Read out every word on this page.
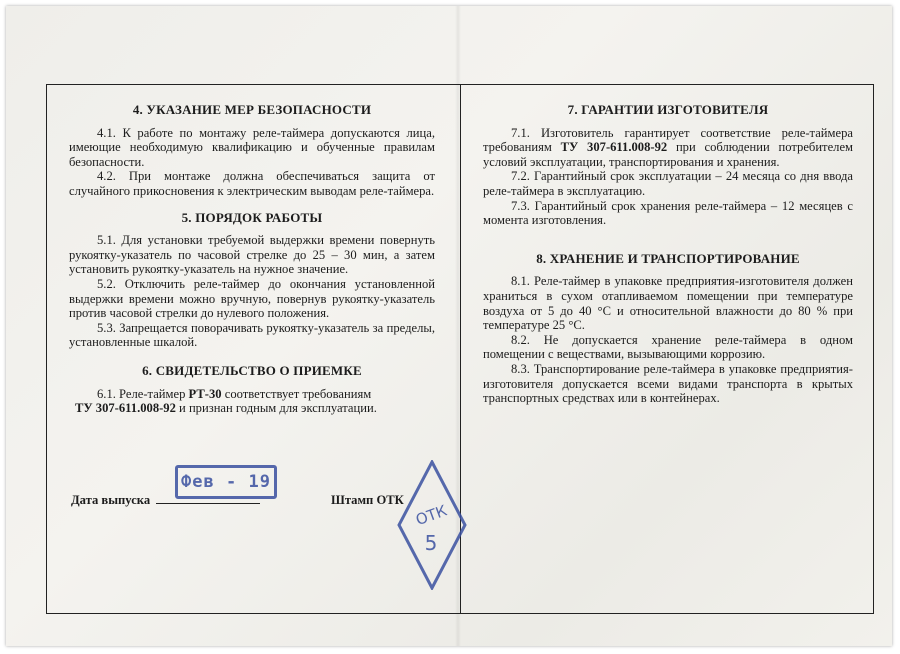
4. УКАЗАНИЕ МЕР БЕЗОПАСНОСТИ

4.1. К работе по монтажу реле-таймера допускаются лица, имеющие необходимую квалификацию и обученные правилам безопасности.

4.2. При монтаже должна обеспечиваться защита от случайного прикосновения к электрическим выводам реле-таймера.

5. ПОРЯДОК РАБОТЫ

5.1. Для установки требуемой выдержки времени повернуть рукоятку-указатель по часовой стрелке до 25 – 30 мин, а затем установить рукоятку-указатель на нужное значение.

5.2. Отключить реле-таймер до окончания установленной выдержки времени можно вручную, повернув рукоятку-указатель против часовой стрелки до нулевого положения.

5.3. Запрещается поворачивать рукоятку-указатель за пределы, установленные шкалой.

6. СВИДЕТЕЛЬСТВО О ПРИЕМКЕ

6.1. Реле-таймер РТ-30 соответствует требованиям

ТУ 307-611.008-92 и признан годным для эксплуатации.

Дата выпуска	Штамп ОТК
Фев - 19
ОТК
5
7. ГАРАНТИИ ИЗГОТОВИТЕЛЯ

7.1. Изготовитель гарантирует соответствие реле-таймера требованиям ТУ 307-611.008-92 при соблюдении потребителем условий эксплуатации, транспортирования и хранения.

7.2. Гарантийный срок эксплуатации – 24 месяца со дня ввода реле-таймера в эксплуатацию.

7.3. Гарантийный срок хранения реле-таймера – 12 месяцев с момента изготовления.

8. ХРАНЕНИЕ И ТРАНСПОРТИРОВАНИЕ

8.1. Реле-таймер в упаковке предприятия-изготовителя должен храниться в сухом отапливаемом помещении при температуре воздуха от 5 до 40 °С и относительной влажности до 80 % при температуре 25 °С.

8.2. Не допускается хранение реле-таймера в одном помещении с веществами, вызывающими коррозию.

8.3. Транспортирование реле-таймера в упаковке предприятия-изготовителя допускается всеми видами транспорта в крытых транспортных средствах или в контейнерах.
